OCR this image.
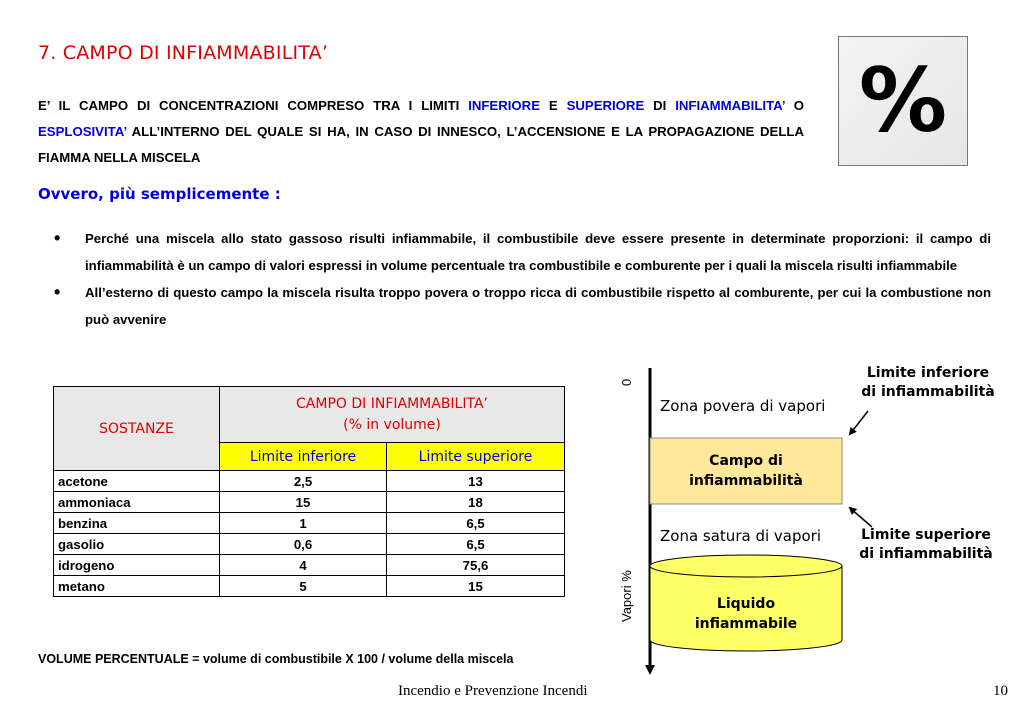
7. CAMPO DI INFIAMMABILITA’
E’ IL CAMPO DI CONCENTRAZIONI COMPRESO TRA I LIMITI INFERIORE E SUPERIORE DI INFIAMMABILITA’ O ESPLOSIVITA’ ALL’INTERNO DEL QUALE SI HA, IN CASO DI INNESCO, L’ACCENSIONE E LA PROPAGAZIONE DELLA FIAMMA NELLA MISCELA
%
Ovvero, più semplicemente :
• Perché una miscela allo stato gassoso risulti infiammabile, il combustibile deve essere presente in determinate proporzioni: il campo di infiammabilità è un campo di valori espressi in volume percentuale tra combustibile e comburente per i quali la miscela risulti infiammabile
• All’esterno di questo campo la miscela risulta troppo povera o troppo ricca di combustibile rispetto al comburente, per cui la combustione non può avvenire
SOSTANZE	CAMPO DI INFIAMMABILITA’
(% in volume)	

	Limite inferiore	Limite superiore
acetone	2,5	13
ammoniaca	15	18
benzina	1	6,5
gasolio	0,6	6,5
idrogeno	4	75,6
metano	5	15
VOLUME PERCENTUALE = volume di combustibile X 100 / volume della miscela
0
Vapori %
Zona povera di vapori
Zona satura di vapori
Campo di
infiammabilità
Liquido
infiammabile
Limite inferiore
di infiammabilità
Limite superiore
di infiammabilità
Incendio e Prevenzione Incendi	10
